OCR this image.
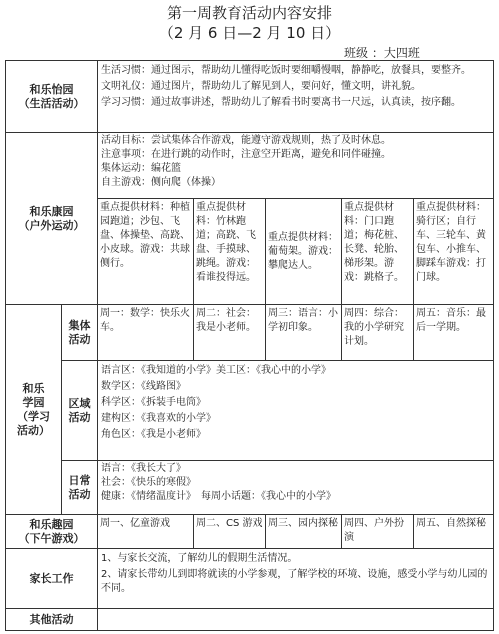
第一周教育活动内容安排
（2 月 6 日—2 月 10 日）
班级 ：大四班
和乐怡园
（生活活动）		生活习惯：通过图示，帮助幼儿懂得吃饭时要细嚼慢咽，静静吃，放餐具，要整齐。
文明礼仪：通过图片，帮助幼儿了解见到人，要问好，懂文明，讲礼貌。
学习习惯：通过故事讲述，帮助幼儿了解看书时要离书一尺远，认真读，按序翻。				

和乐康园
（户外运动）		活动目标：尝试集体合作游戏，能遵守游戏规则，热了及时休息。
注意事项：在进行跳的动作时，注意空开距离，避免和同伴碰撞。
集体运动：编花篮
自主游戏：侧向爬（体操）				

		重点提供材料：种植园跑道；沙包、飞盘、体操垫、高跷、小皮球。游戏：共球侧行。	重点提供材料：竹林跑道；高跷、飞盘、手摸球、跳绳。游戏：看谁投得远。	重点提供材料：葡萄架。游戏：攀爬达人。	重点提供材料：门口跑道；梅花桩、长凳、轮胎、梯形架。游戏：跳格子。	重点提供材料：骑行区；自行车、三轮车、黄包车、小推车、脚踩车游戏：打门球。

和乐
学园
（学习
活动）	集体
活动	周一：数学：快乐火车。	周二：社会：我是小老师。	周三：语言：小学初印象。	周四：综合：我的小学研究计划。	周五：音乐：最后一学期。

	区域
活动	语言区：《我知道的小学》美工区：《我心中的小学》
数学区：《线路图》
科学区：《拆装手电筒》
建构区：《我喜欢的小学》
角色区：《我是小老师》				

	日常
活动	语言：《我长大了》
社会：《快乐的寒假》
健康：《情绪温度计》　每周小话题：《我心中的小学》				

和乐趣园
（下午游戏）		周一、亿童游戏	周二、CS 游戏	周三、园内探秘	周四、户外扮演	周五、自然探秘
家长工作		1、与家长交流，了解幼儿的假期生活情况。
2、请家长带幼儿到即将就读的小学参观，了解学校的环境、设施，感受小学与幼儿园的不同。				

其他活动						
